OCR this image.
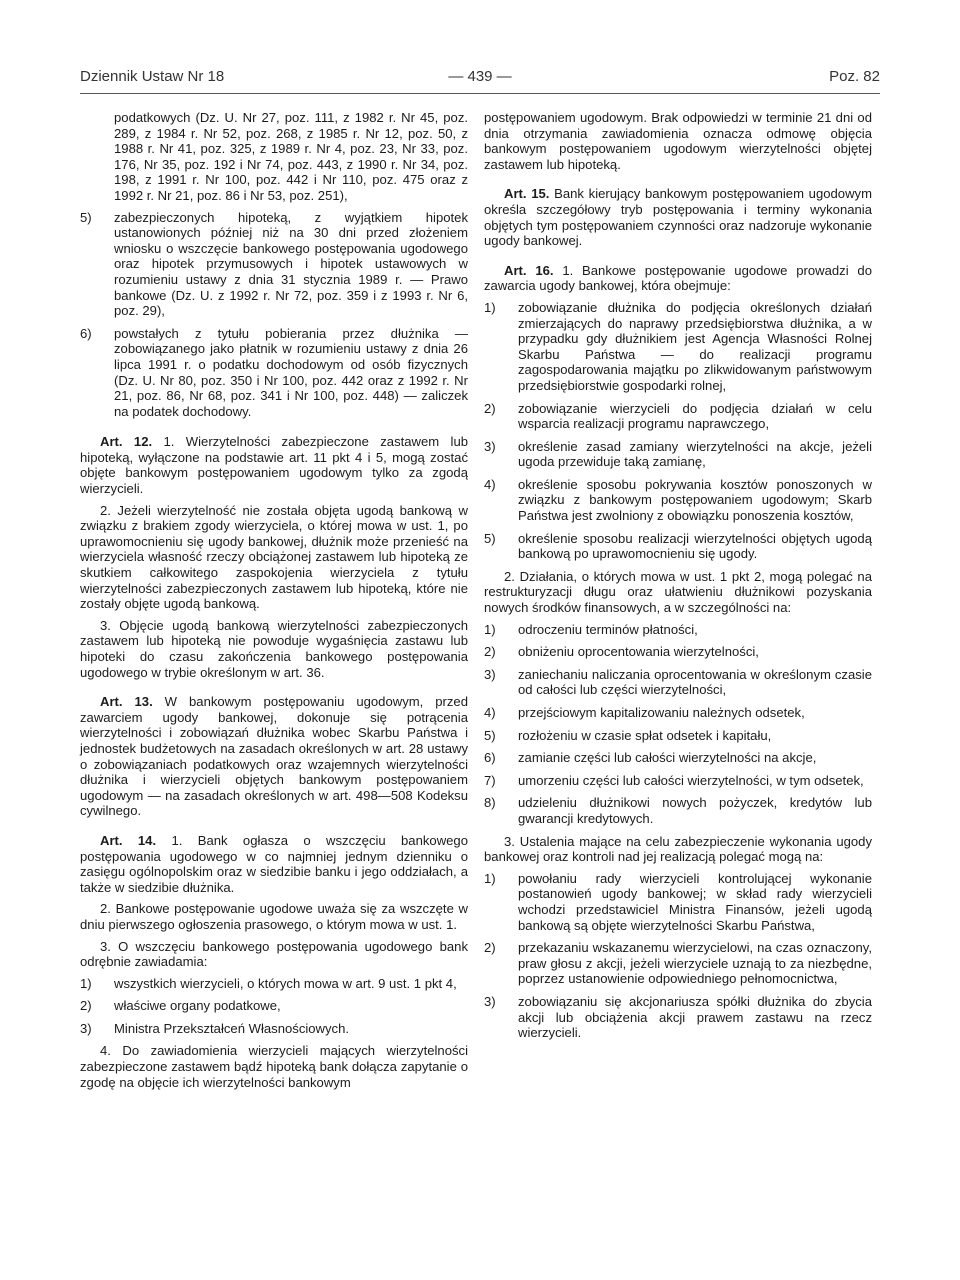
Dziennik Ustaw Nr 18	— 439 —	Poz. 82

podatkowych (Dz. U. Nr 27, poz. 111, z 1982 r. Nr 45, poz. 289, z 1984 r. Nr 52, poz. 268, z 1985 r. Nr 12, poz. 50, z 1988 r. Nr 41, poz. 325, z 1989 r. Nr 4, poz. 23, Nr 33, poz. 176, Nr 35, poz. 192 i Nr 74, poz. 443, z 1990 r. Nr 34, poz. 198, z 1991 r. Nr 100, poz. 442 i Nr 110, poz. 475 oraz z 1992 r. Nr 21, poz. 86 i Nr 53, poz. 251),

5)	zabezpieczonych hipoteką, z wyjątkiem hipotek ustanowionych później niż na 30 dni przed złożeniem wniosku o wszczęcie bankowego postępowania ugodowego oraz hipotek przymusowych i hipotek ustawowych w rozumieniu ustawy z dnia 31 stycznia 1989 r. — Prawo bankowe (Dz. U. z 1992 r. Nr 72, poz. 359 i z 1993 r. Nr 6, poz. 29),
6)	powstałych z tytułu pobierania przez dłużnika — zobowiązanego jako płatnik w rozumieniu ustawy z dnia 26 lipca 1991 r. o podatku dochodowym od osób fizycznych (Dz. U. Nr 80, poz. 350 i Nr 100, poz. 442 oraz z 1992 r. Nr 21, poz. 86, Nr 68, poz. 341 i Nr 100, poz. 448) — zaliczek na podatek dochodowy.

Art. 12. 1. Wierzytelności zabezpieczone zastawem lub hipoteką, wyłączone na podstawie art. 11 pkt 4 i 5, mogą zostać objęte bankowym postępowaniem ugodowym tylko za zgodą wierzycieli.

2. Jeżeli wierzytelność nie została objęta ugodą bankową w związku z brakiem zgody wierzyciela, o której mowa w ust. 1, po uprawomocnieniu się ugody bankowej, dłużnik może przenieść na wierzyciela własność rzeczy obciążonej zastawem lub hipoteką ze skutkiem całkowitego zaspokojenia wierzyciela z tytułu wierzytelności zabezpieczonych zastawem lub hipoteką, które nie zostały objęte ugodą bankową.

3. Objęcie ugodą bankową wierzytelności zabezpieczonych zastawem lub hipoteką nie powoduje wygaśnięcia zastawu lub hipoteki do czasu zakończenia bankowego postępowania ugodowego w trybie określonym w art. 36.

Art. 13. W bankowym postępowaniu ugodowym, przed zawarciem ugody bankowej, dokonuje się potrącenia wierzytelności i zobowiązań dłużnika wobec Skarbu Państwa i jednostek budżetowych na zasadach określonych w art. 28 ustawy o zobowiązaniach podatkowych oraz wzajemnych wierzytelności dłużnika i wierzycieli objętych bankowym postępowaniem ugodowym — na zasadach określonych w art. 498—508 Kodeksu cywilnego.

Art. 14. 1. Bank ogłasza o wszczęciu bankowego postępowania ugodowego w co najmniej jednym dzienniku o zasięgu ogólnopolskim oraz w siedzibie banku i jego oddziałach, a także w siedzibie dłużnika.

2. Bankowe postępowanie ugodowe uważa się za wszczęte w dniu pierwszego ogłoszenia prasowego, o którym mowa w ust. 1.

3. O wszczęciu bankowego postępowania ugodowego bank odrębnie zawiadamia:

1)	wszystkich wierzycieli, o których mowa w art. 9 ust. 1 pkt 4,
2)	właściwe organy podatkowe,
3)	Ministra Przekształceń Własnościowych.

4. Do zawiadomienia wierzycieli mających wierzytelności zabezpieczone zastawem bądź hipoteką bank dołącza zapytanie o zgodę na objęcie ich wierzytelności bankowym

postępowaniem ugodowym. Brak odpowiedzi w terminie 21 dni od dnia otrzymania zawiadomienia oznacza odmowę objęcia bankowym postępowaniem ugodowym wierzytelności objętej zastawem lub hipoteką.

Art. 15. Bank kierujący bankowym postępowaniem ugodowym określa szczegółowy tryb postępowania i terminy wykonania objętych tym postępowaniem czynności oraz nadzoruje wykonanie ugody bankowej.

Art. 16. 1. Bankowe postępowanie ugodowe prowadzi do zawarcia ugody bankowej, która obejmuje:

1)	zobowiązanie dłużnika do podjęcia określonych działań zmierzających do naprawy przedsiębiorstwa dłużnika, a w przypadku gdy dłużnikiem jest Agencja Własności Rolnej Skarbu Państwa — do realizacji programu zagospodarowania majątku po zlikwidowanym państwowym przedsiębiorstwie gospodarki rolnej,
2)	zobowiązanie wierzycieli do podjęcia działań w celu wsparcia realizacji programu naprawczego,
3)	określenie zasad zamiany wierzytelności na akcje, jeżeli ugoda przewiduje taką zamianę,
4)	określenie sposobu pokrywania kosztów ponoszonych w związku z bankowym postępowaniem ugodowym; Skarb Państwa jest zwolniony z obowiązku ponoszenia kosztów,
5)	określenie sposobu realizacji wierzytelności objętych ugodą bankową po uprawomocnieniu się ugody.

2. Działania, o których mowa w ust. 1 pkt 2, mogą polegać na restrukturyzacji długu oraz ułatwieniu dłużnikowi pozyskania nowych środków finansowych, a w szczególności na:

1)	odroczeniu terminów płatności,
2)	obniżeniu oprocentowania wierzytelności,
3)	zaniechaniu naliczania oprocentowania w określonym czasie od całości lub części wierzytelności,
4)	przejściowym kapitalizowaniu należnych odsetek,
5)	rozłożeniu w czasie spłat odsetek i kapitału,
6)	zamianie części lub całości wierzytelności na akcje,
7)	umorzeniu części lub całości wierzytelności, w tym odsetek,
8)	udzieleniu dłużnikowi nowych pożyczek, kredytów lub gwarancji kredytowych.

3. Ustalenia mające na celu zabezpieczenie wykonania ugody bankowej oraz kontroli nad jej realizacją polegać mogą na:

1)	powołaniu rady wierzycieli kontrolującej wykonanie postanowień ugody bankowej; w skład rady wierzycieli wchodzi przedstawiciel Ministra Finansów, jeżeli ugodą bankową są objęte wierzytelności Skarbu Państwa,
2)	przekazaniu wskazanemu wierzycielowi, na czas oznaczony, praw głosu z akcji, jeżeli wierzyciele uznają to za niezbędne, poprzez ustanowienie odpowiedniego pełnomocnictwa,
3)	zobowiązaniu się akcjonariusza spółki dłużnika do zbycia akcji lub obciążenia akcji prawem zastawu na rzecz wierzycieli.
